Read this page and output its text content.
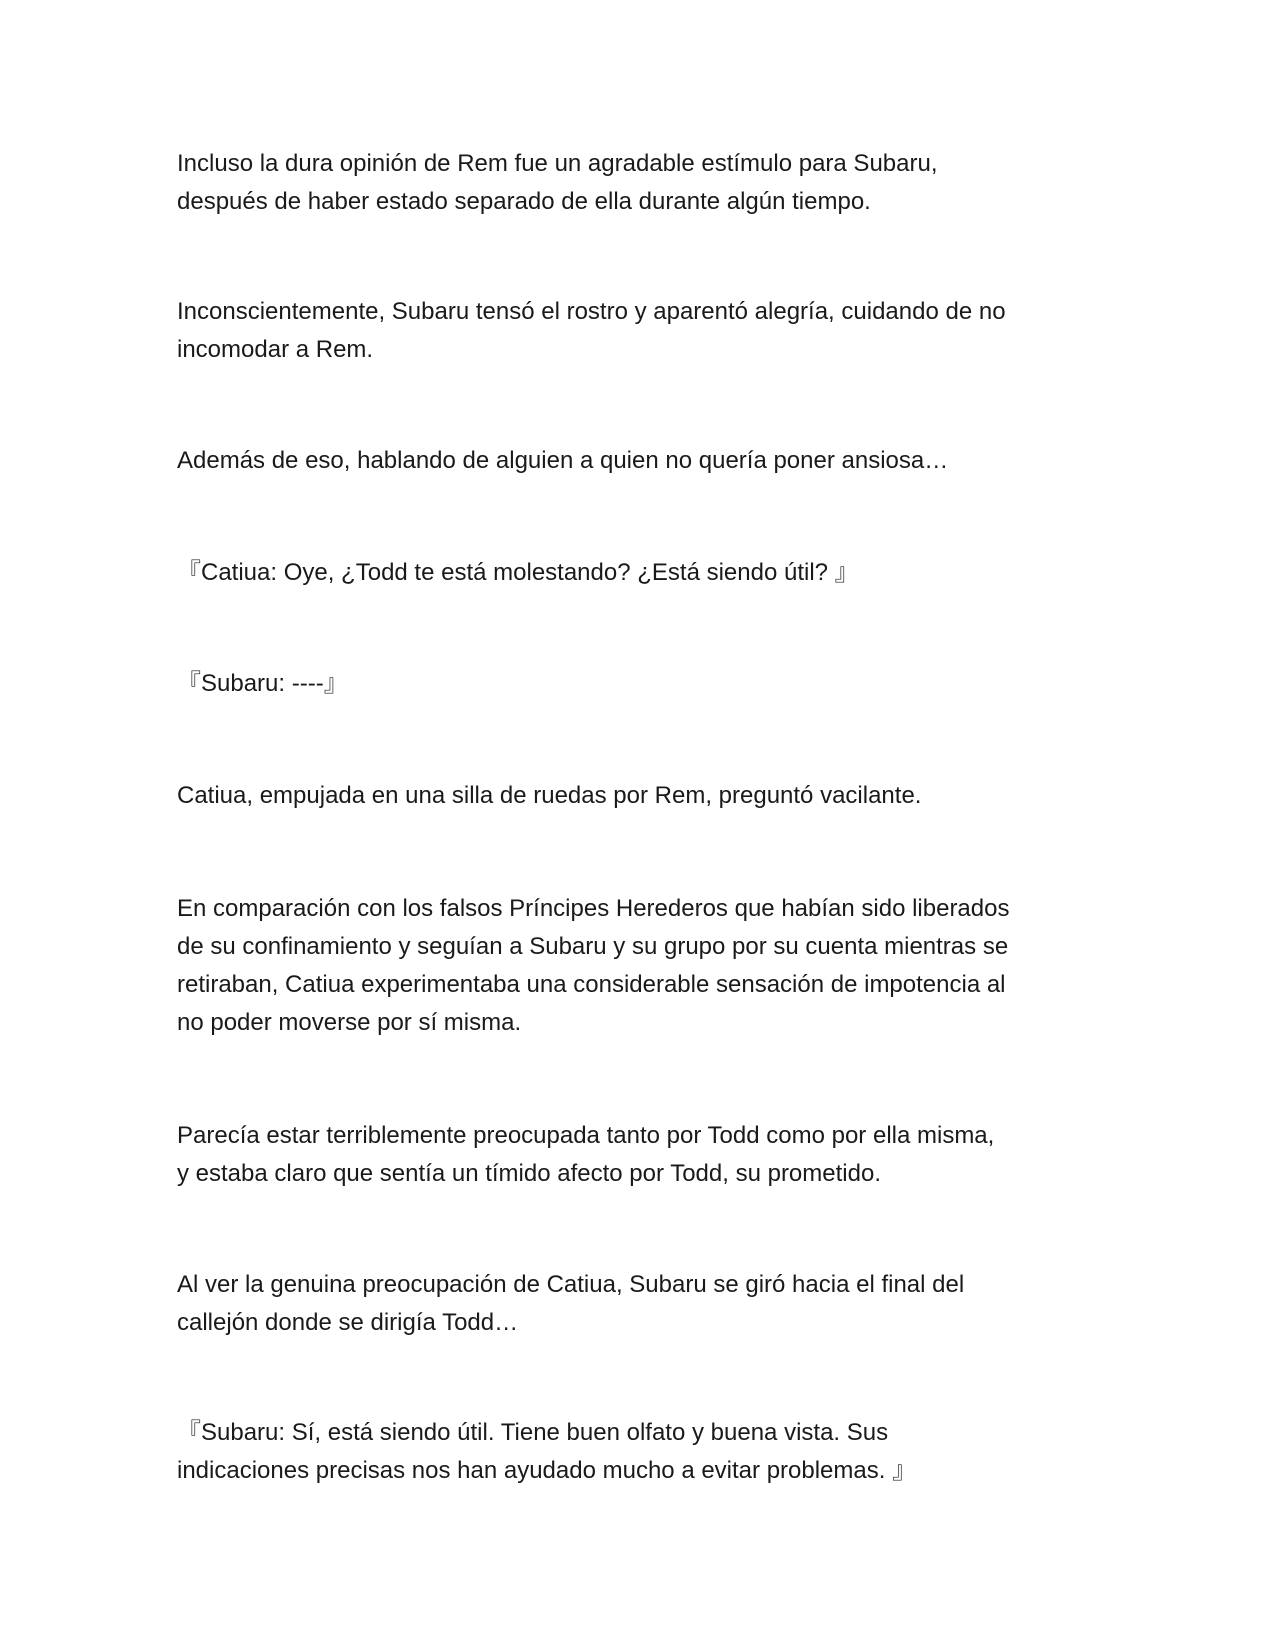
Incluso la dura opinión de Rem fue un agradable estímulo para Subaru,
después de haber estado separado de ella durante algún tiempo.

Inconscientemente, Subaru tensó el rostro y aparentó alegría, cuidando de no
incomodar a Rem.

Además de eso, hablando de alguien a quien no quería poner ansiosa…

『Catiua: Oye, ¿Todd te está molestando? ¿Está siendo útil? 』

『Subaru: ----』

Catiua, empujada en una silla de ruedas por Rem, preguntó vacilante.

En comparación con los falsos Príncipes Herederos que habían sido liberados
de su confinamiento y seguían a Subaru y su grupo por su cuenta mientras se
retiraban, Catiua experimentaba una considerable sensación de impotencia al
no poder moverse por sí misma.

Parecía estar terriblemente preocupada tanto por Todd como por ella misma,
y estaba claro que sentía un tímido afecto por Todd, su prometido.

Al ver la genuina preocupación de Catiua, Subaru se giró hacia el final del
callejón donde se dirigía Todd…

『Subaru: Sí, está siendo útil. Tiene buen olfato y buena vista. Sus
indicaciones precisas nos han ayudado mucho a evitar problemas. 』
